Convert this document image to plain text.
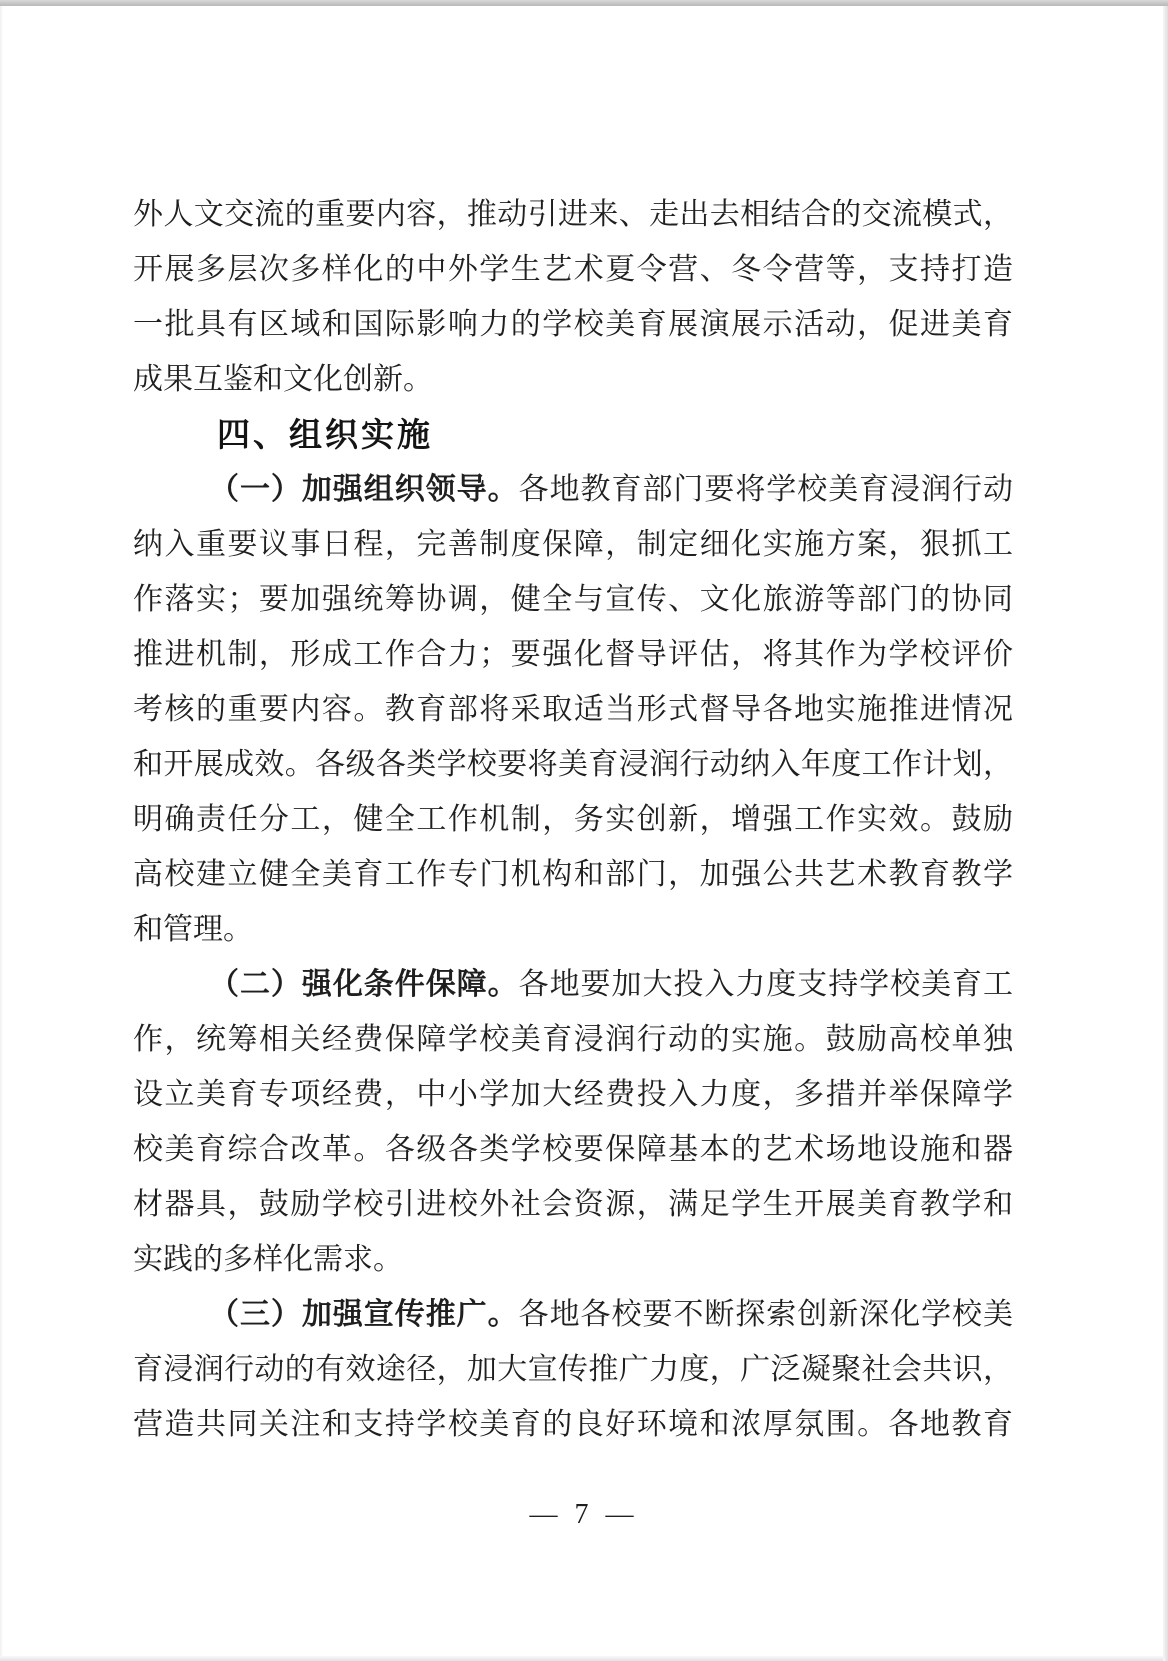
外人文交流的重要内容，推动引进来、走出去相结合的交流模式，

开展多层次多样化的中外学生艺术夏令营、冬令营等，支持打造

一批具有区域和国际影响力的学校美育展演展示活动，促进美育

成果互鉴和文化创新。

四、组织实施

（一）加强组织领导。各地教育部门要将学校美育浸润行动

纳入重要议事日程，完善制度保障，制定细化实施方案，狠抓工

作落实；要加强统筹协调，健全与宣传、文化旅游等部门的协同

推进机制，形成工作合力；要强化督导评估，将其作为学校评价

考核的重要内容。教育部将采取适当形式督导各地实施推进情况

和开展成效。各级各类学校要将美育浸润行动纳入年度工作计划，

明确责任分工，健全工作机制，务实创新，增强工作实效。鼓励

高校建立健全美育工作专门机构和部门，加强公共艺术教育教学

和管理。

（二）强化条件保障。各地要加大投入力度支持学校美育工

作，统筹相关经费保障学校美育浸润行动的实施。鼓励高校单独

设立美育专项经费，中小学加大经费投入力度，多措并举保障学

校美育综合改革。各级各类学校要保障基本的艺术场地设施和器

材器具，鼓励学校引进校外社会资源，满足学生开展美育教学和

实践的多样化需求。

（三）加强宣传推广。各地各校要不断探索创新深化学校美

育浸润行动的有效途径，加大宣传推广力度，广泛凝聚社会共识，

营造共同关注和支持学校美育的良好环境和浓厚氛围。各地教育

— 7 —
